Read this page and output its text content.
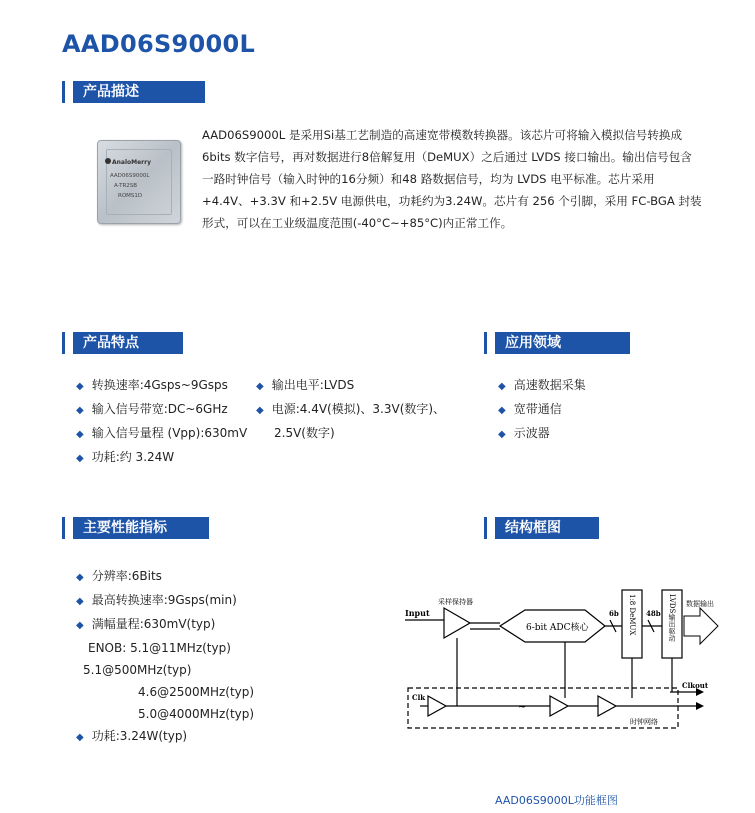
AAD06S9000L
产品描述
AnaloMerry
AAD06S9000L
A-TR2SB
ROMS1D
AAD06S9000L 是采用Si基工艺制造的高速宽带模数转换器。该芯片可将输入模拟信号转换成 6bits 数字信号，再对数据进行8倍解复用（DeMUX）之后通过 LVDS 接口输出。输出信号包含一路时钟信号（输入时钟的16分频）和48 路数据信号，均为 LVDS 电平标准。芯片采用+4.4V、+3.3V 和+2.5V 电源供电，功耗约为3.24W。芯片有 256 个引脚，采用 FC-BGA 封装形式，可以在工业级温度范围(-40°C~+85°C)内正常工作。
产品特点
◆ 转换速率:4Gsps~9Gsps
◆ 输入信号带宽:DC~6GHz
◆ 输入信号量程 (Vpp):630mV
◆ 功耗:约 3.24W
◆ 输出电平:LVDS
◆ 电源:4.4V(模拟)、3.3V(数字)、
2.5V(数字)
应用领域
◆ 高速数据采集
◆ 宽带通信
◆ 示波器
主要性能指标
◆ 分辨率:6Bits
◆ 最高转换速率:9Gsps(min)
◆ 满幅量程:630mV(typ)
ENOB: 5.1@11MHz(typ)
5.1@500MHz(typ)
4.6@2500MHz(typ)
5.0@4000MHz(typ)
◆ 功耗:3.24W(typ)
结构框图
Input
采样保持器
6-bit ADC核心
6b 1:8 DeMUX 48b LVDS输出驱动 数据输出
Clk
Clkout
~
时钟网络
AAD06S9000L功能框图
